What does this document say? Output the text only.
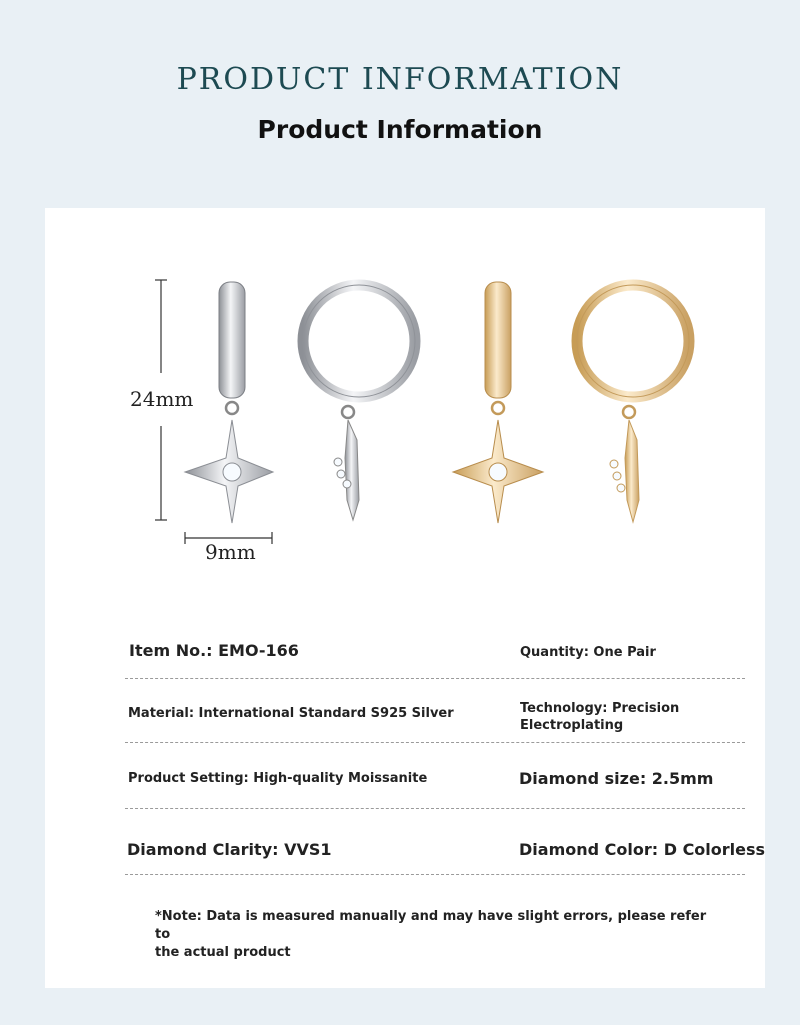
PRODUCT INFORMATION
Product Information
24mm
9mm
Item No.: EMO-166	Quantity: One Pair
Material: International Standard S925 Silver	Technology: Precision
Electroplating
Product Setting: High-quality Moissanite	Diamond size: 2.5mm
Diamond Clarity: VVS1	Diamond Color: D Colorless
*Note: Data is measured manually and may have slight errors, please refer to
the actual product
